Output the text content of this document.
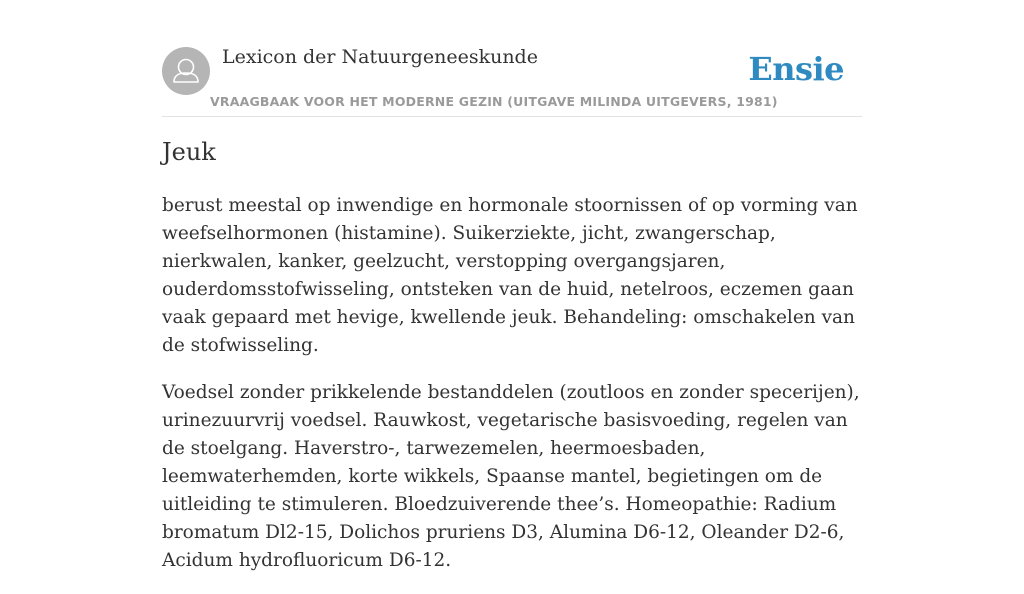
Lexicon der Natuurgeneeskunde
VRAAGBAAK VOOR HET MODERNE GEZIN (UITGAVE MILINDA UITGEVERS, 1981)
Ensie
Jeuk

berust meestal op inwendige en hormonale stoornissen of op vorming van weefselhormonen (histamine). Suikerziekte, jicht, zwangerschap, nierkwalen, kanker, geelzucht, verstopping overgangsjaren, ouderdomsstofwisseling, ontsteken van de huid, netelroos, eczemen gaan vaak gepaard met hevige, kwellende jeuk. Behandeling: omschakelen van de stofwisseling.

Voedsel zonder prikkelende bestanddelen (zoutloos en zonder specerijen), urinezuurvrij voedsel. Rauwkost, vegetarische basisvoeding, regelen van de stoelgang. Haverstro-, tarwezemelen, heermoesbaden, leemwaterhemden, korte wikkels, Spaanse mantel, begietingen om de uitleiding te stimuleren. Bloedzuiverende thee’s. Homeopathie: Radium bromatum Dl2-15, Dolichos pruriens D3, Alumina D6-12, Oleander D2-6, Acidum hydrofluoricum D6-12.
